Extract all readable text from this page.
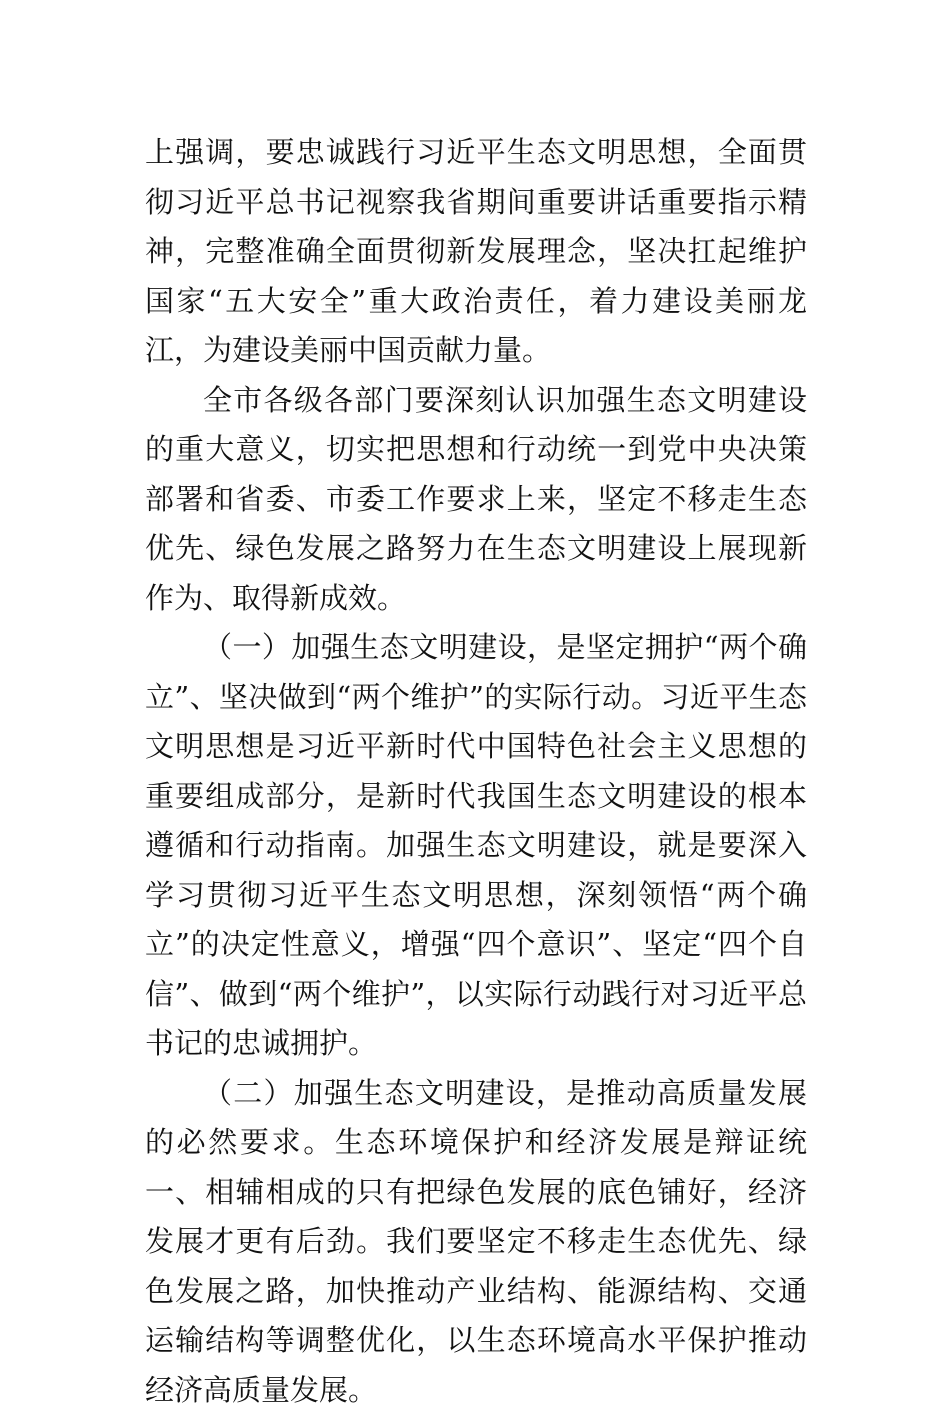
上强调，要忠诚践行习近平生态文明思想，全面贯彻习近平总书记视察我省期间重要讲话重要指示精神，完整准确全面贯彻新发展理念，坚决扛起维护国家“五大安全”重大政治责任，着力建设美丽龙江，为建设美丽中国贡献力量。

全市各级各部门要深刻认识加强生态文明建设的重大意义，切实把思想和行动统一到党中央决策部署和省委、市委工作要求上来，坚定不移走生态优先、绿色发展之路努力在生态文明建设上展现新作为、取得新成效。

（一）加强生态文明建设，是坚定拥护“两个确立”、坚决做到“两个维护”的实际行动。习近平生态文明思想是习近平新时代中国特色社会主义思想的重要组成部分，是新时代我国生态文明建设的根本遵循和行动指南。加强生态文明建设，就是要深入学习贯彻习近平生态文明思想，深刻领悟“两个确立”的决定性意义，增强“四个意识”、坚定“四个自信”、做到“两个维护”，以实际行动践行对习近平总书记的忠诚拥护。

（二）加强生态文明建设，是推动高质量发展的必然要求。生态环境保护和经济发展是辩证统一、相辅相成的只有把绿色发展的底色铺好，经济发展才更有后劲。我们要坚定不移走生态优先、绿色发展之路，加快推动产业结构、能源结构、交通运输结构等调整优化，以生态环境高水平保护推动经济高质量发展。
